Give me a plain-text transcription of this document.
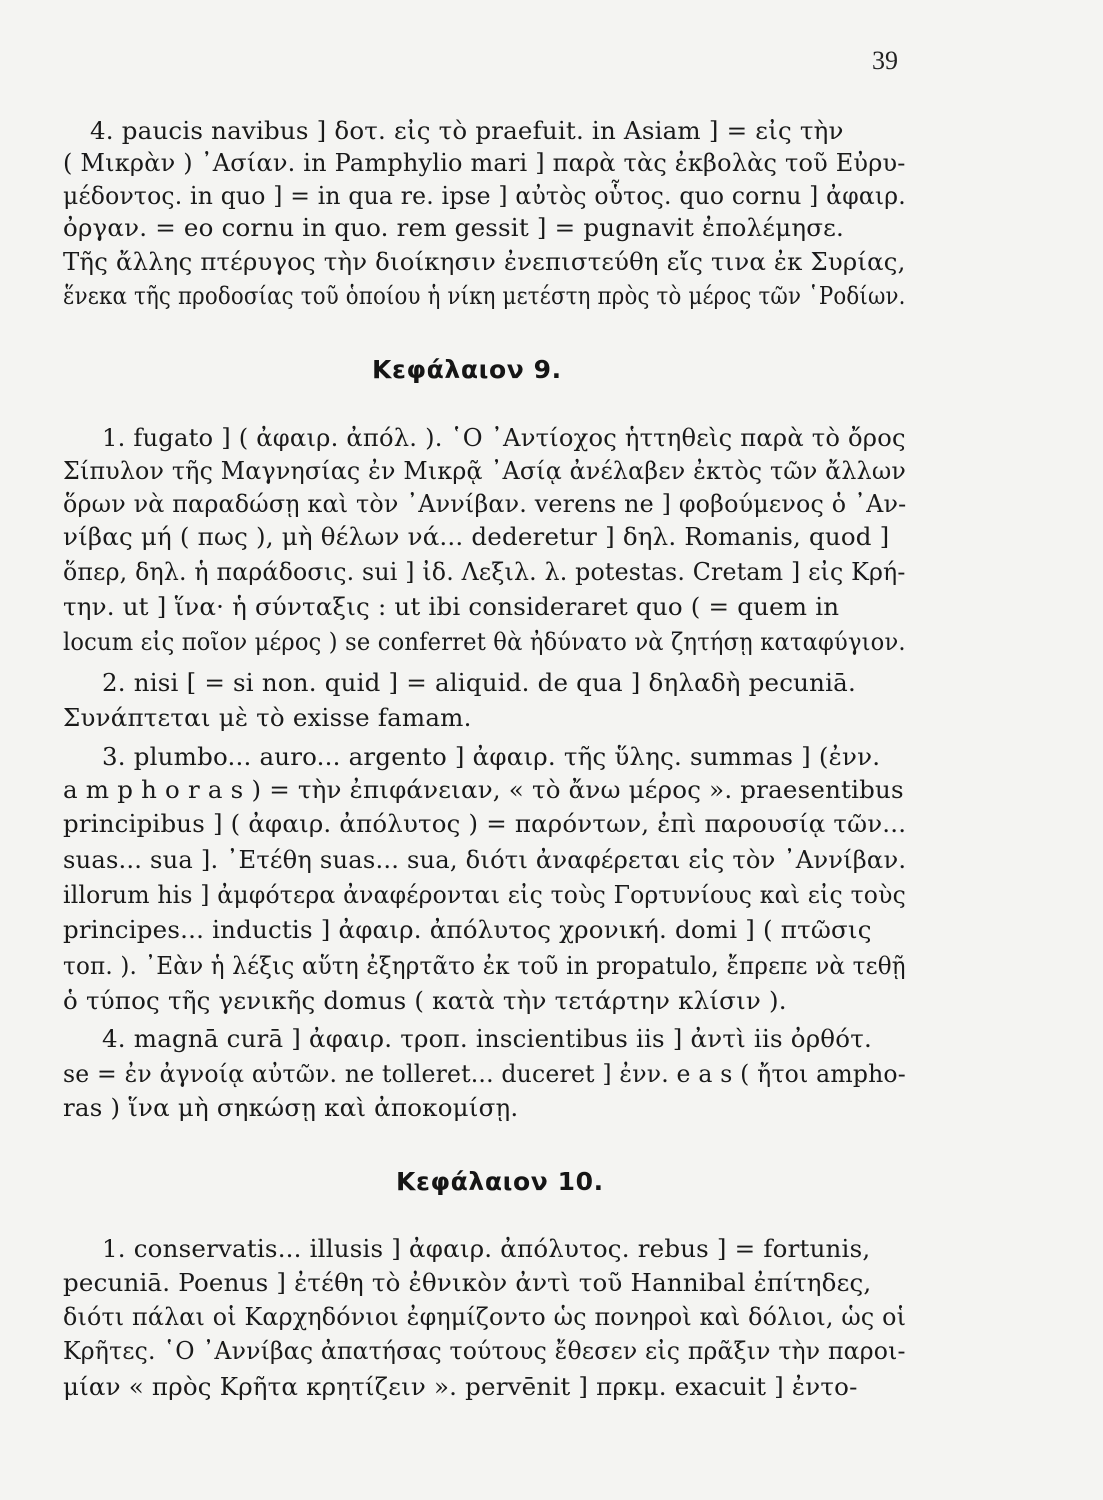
39
4. paucis navibus ] δοτ. εἰς τὸ praefuit. in Asiam ] = εἰς τὴν
( Μικρὰν ) ᾿Ασίαν. in Pamphylio mari ] παρὰ τὰς ἐκβολὰς τοῦ Εὐρυ-
μέδοντος. in quo ] = in qua re. ipse ] αὐτὸς οὗτος. quo cornu ] ἀφαιρ.
ὀργαν. = eo cornu in quo. rem gessit ] = pugnavit ἐπολέμησε.
Τῆς ἄλλης πτέρυγος τὴν διοίκησιν ἐνεπιστεύθη εἴς τινα ἐκ Συρίας,
ἕνεκα τῆς προδοσίας τοῦ ὁποίου ἡ νίκη μετέστη πρὸς τὸ μέρος τῶν ῾Ροδίων.
Κεφάλαιον 9.
1. fugato ] ( ἀφαιρ. ἀπόλ. ). ῾Ο ᾿Αντίοχος ἡττηθεὶς παρὰ τὸ ὄρος
Σίπυλον τῆς Μαγνησίας ἐν Μικρᾷ ᾿Ασίᾳ ἀνέλαβεν ἐκτὸς τῶν ἄλλων
ὅρων νὰ παραδώσῃ καὶ τὸν ᾿Αννίβαν. verens ne ] φοβούμενος ὁ ᾿Αν-
νίβας μή ( πως ), μὴ θέλων νά... dederetur ] δηλ. Romanis, quod ]
ὅπερ, δηλ. ἡ παράδοσις. sui ] ἰδ. Λεξιλ. λ. potestas. Cretam ] εἰς Κρή-
την. ut ] ἵνα· ἡ σύνταξις : ut ibi consideraret quo ( = quem in
locum εἰς ποῖον μέρος ) se conferret θὰ ἠδύνατο νὰ ζητήσῃ καταφύγιον.
2. nisi [ = si non. quid ] = aliquid. de qua ] δηλαδὴ pecuniā.
Συνάπτεται μὲ τὸ exisse famam.
3. plumbo... auro... argento ] ἀφαιρ. τῆς ὕλης. summas ] (ἐνν.
a m p h o r a s ) = τὴν ἐπιφάνειαν, « τὸ ἄνω μέρος ». praesentibus
principibus ] ( ἀφαιρ. ἀπόλυτος ) = παρόντων, ἐπὶ παρουσίᾳ τῶν...
suas... sua ]. ᾿Ετέθη suas... sua, διότι ἀναφέρεται εἰς τὸν ᾿Αννίβαν.
illorum his ] ἀμφότερα ἀναφέρονται εἰς τοὺς Γορτυνίους καὶ εἰς τοὺς
principes... inductis ] ἀφαιρ. ἀπόλυτος χρονική. domi ] ( πτῶσις
τοπ. ). ᾿Εὰν ἡ λέξις αὕτη ἐξηρτᾶτο ἐκ τοῦ in propatulo, ἔπρεπε νὰ τεθῇ
ὁ τύπος τῆς γενικῆς domus ( κατὰ τὴν τετάρτην κλίσιν ).
4. magnā curā ] ἀφαιρ. τροπ. inscientibus iis ] ἀντὶ iis ὀρθότ.
se = ἐν ἀγνοίᾳ αὐτῶν. ne tolleret... duceret ] ἐνν. e a s ( ἤτοι ampho-
ras ) ἵνα μὴ σηκώσῃ καὶ ἀποκομίσῃ.
Κεφάλαιον 10.
1. conservatis... illusis ] ἀφαιρ. ἀπόλυτος. rebus ] = fortunis,
pecuniā. Poenus ] ἐτέθη τὸ ἐθνικὸν ἀντὶ τοῦ Hannibal ἐπίτηδες,
διότι πάλαι οἱ Καρχηδόνιοι ἐφημίζοντο ὡς πονηροὶ καὶ δόλιοι, ὡς οἱ
Κρῆτες. ῾Ο ᾿Αννίβας ἀπατήσας τούτους ἔθεσεν εἰς πρᾶξιν τὴν παροι-
μίαν « πρὸς Κρῆτα κρητίζειν ». pervēnit ] πρκμ. exacuit ] ἐντο-
